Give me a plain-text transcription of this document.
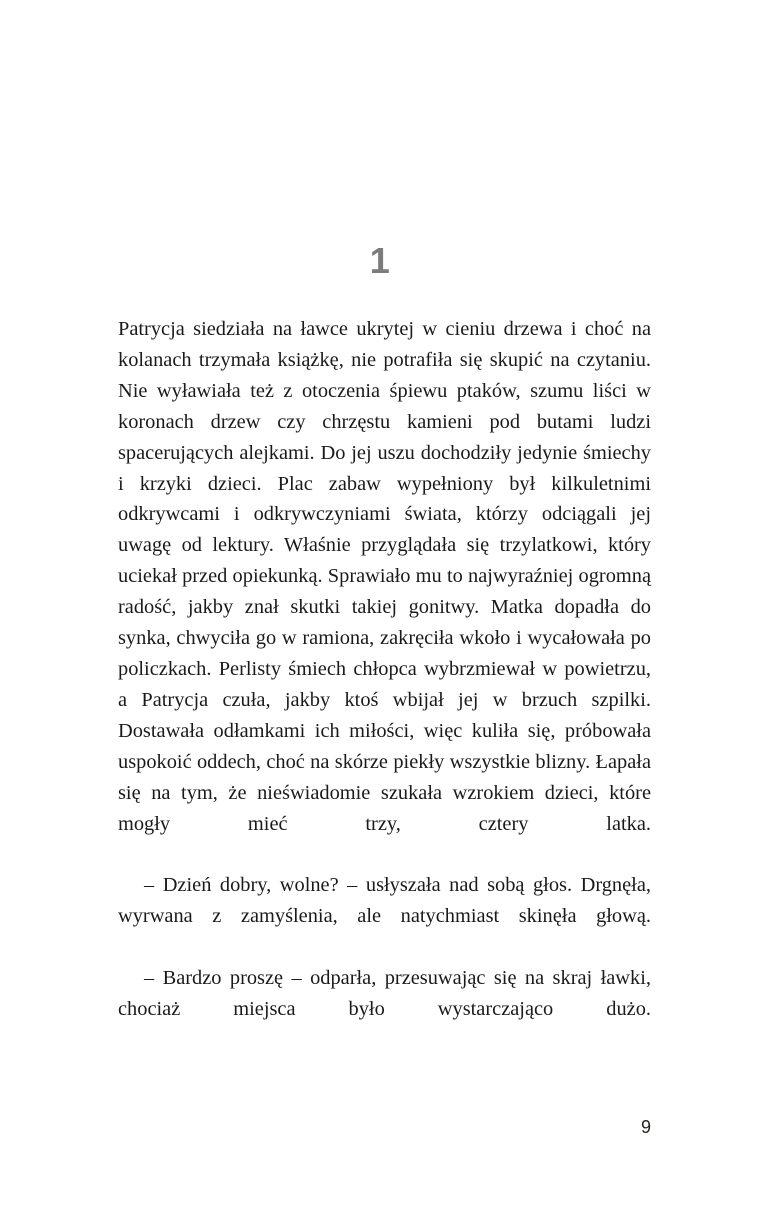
1

Patrycja siedziała na ławce ukrytej w cieniu drzewa i choć na kolanach trzymała książkę, nie potrafiła się skupić na czytaniu. Nie wyławiała też z otoczenia śpiewu ptaków, szumu liści w koronach drzew czy chrzęstu kamieni pod butami ludzi spacerujących alejkami. Do jej uszu dochodziły jedynie śmiechy i krzyki dzieci. Plac zabaw wypełniony był kilkuletnimi odkrywcami i odkrywczyniami świata, którzy odciągali jej uwagę od lektury. Właśnie przyglądała się trzylatkowi, który uciekał przed opiekunką. Sprawiało mu to najwyraźniej ogromną radość, jakby znał skutki takiej gonitwy. Matka dopadła do synka, chwyciła go w ramiona, zakręciła wkoło i wycałowała po policzkach. Perlisty śmiech chłopca wybrzmiewał w powietrzu, a Patrycja czuła, jakby ktoś wbijał jej w brzuch szpilki. Dostawała odłamkami ich miłości, więc kuliła się, próbowała uspokoić oddech, choć na skórze piekły wszystkie blizny. Łapała się na tym, że nieświadomie szukała wzrokiem dzieci, które mogły mieć trzy, cztery latka.

– Dzień dobry, wolne? – usłyszała nad sobą głos. Drgnęła, wyrwana z zamyślenia, ale natychmiast skinęła głową.

– Bardzo proszę – odparła, przesuwając się na skraj ławki, chociaż miejsca było wystarczająco dużo.

9
